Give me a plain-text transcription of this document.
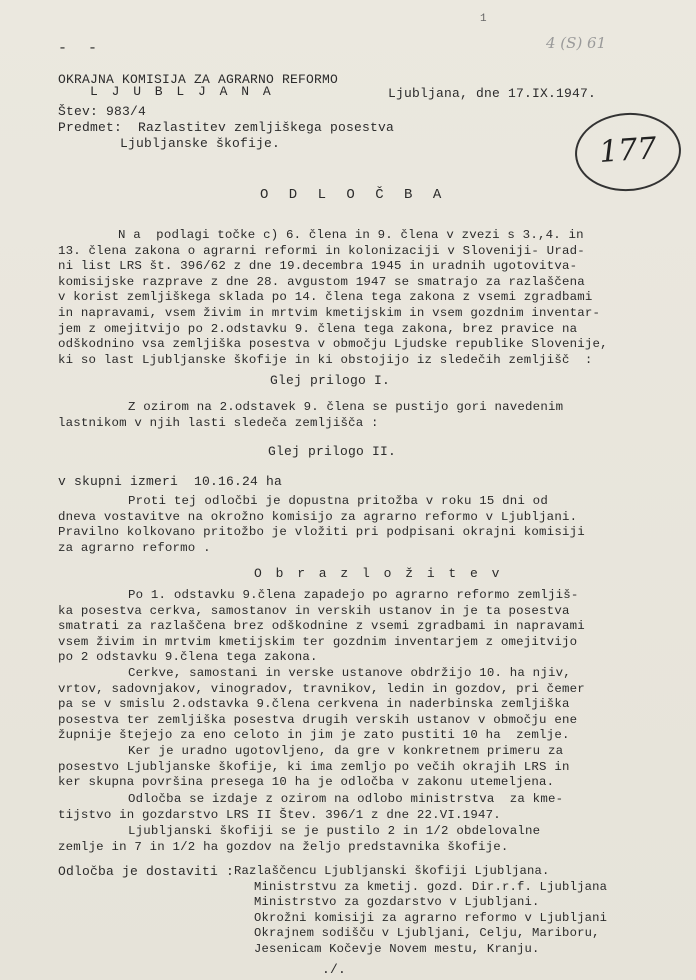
- -
1
4 (S) 61
OKRAJNA KOMISIJA ZA AGRARNO REFORMO
L J U B L J A N A	Ljubljana, dne 17.IX.1947.
Štev: 983/4
Predmet:  Razlastitev zemljiškega posestva
Ljubljanske škofije.	177
O D L O Č B A
N a  podlagi točke c) 6. člena in 9. člena v zvezi s 3.,4. in
13. člena zakona o agrarni reformi in kolonizaciji v Sloveniji- Urad-
ni list LRS št. 396/62 z dne 19.decembra 1945 in uradnih ugotovitva-
komisijske razprave z dne 28. avgustom 1947 se smatrajo za razlaščena
v korist zemljiškega sklada po 14. člena tega zakona z vsemi zgradbami
in napravami, vsem živim in mrtvim kmetijskim in vsem gozdnim inventar-
jem z omejitvijo po 2.odstavku 9. člena tega zakona, brez pravice na
odškodnino vsa zemljiška posestva v območju Ljudske republike Slovenije,
ki so last Ljubljanske škofije in ki obstojijo iz sledečih zemljišč  :
Glej prilogo I.
Z ozirom na 2.odstavek 9. člena se pustijo gori navedenim
lastnikom v njih lasti sledeča zemljišča :
Glej prilogo II.
v skupni izmeri  10.16.24 ha
Proti tej odločbi je dopustna pritožba v roku 15 dni od
dneva vostavitve na okrožno komisijo za agrarno reformo v Ljubljani.
Pravilno kolkovano pritožbo je vložiti pri podpisani okrajni komisiji
za agrarno reformo .
O b r a z l o ž i t e v
Po 1. odstavku 9.člena zapadejo po agrarno reformo zemljiš-
ka posestva cerkva, samostanov in verskih ustanov in je ta posestva
smatrati za razlaščena brez odškodnine z vsemi zgradbami in napravami
vsem živim in mrtvim kmetijskim ter gozdnim inventarjem z omejitvijo
po 2 odstavku 9.člena tega zakona.
Cerkve, samostani in verske ustanove obdržijo 10. ha njiv,
vrtov, sadovnjakov, vinogradov, travnikov, ledin in gozdov, pri čemer
pa se v smislu 2.odstavka 9.člena cerkvena in naderbinska zemljiška
posestva ter zemljiška posestva drugih verskih ustanov v območju ene
župnije štejejo za eno celoto in jim je zato pustiti 10 ha  zemlje.
Ker je uradno ugotovljeno, da gre v konkretnem primeru za
posestvo Ljubljanske škofije, ki ima zemljo po večih okrajih LRS in
ker skupna površina presega 10 ha je odločba v zakonu utemeljena.
Odločba se izdaje z ozirom na odlobo ministrstva  za kme-
tijstvo in gozdarstvo LRS II Štev. 396/1 z dne 22.VI.1947.
Ljubljanski škofiji se je pustilo 2 in 1/2 obdelovalne
zemlje in 7 in 1/2 ha gozdov na željo predstavnika škofije.
Odločba je dostaviti : Razlaščencu Ljubljanski škofiji Ljubljana.
Ministrstvu za kmetij. gozd. Dir.r.f. Ljubljana
Ministrstvo za gozdarstvo v Ljubljani.
Okrožni komisiji za agrarno reformo v Ljubljani
Okrajnem sodišču v Ljubljani, Celju, Mariboru,
Jesenicam Kočevje Novem mestu, Kranju.
./.
